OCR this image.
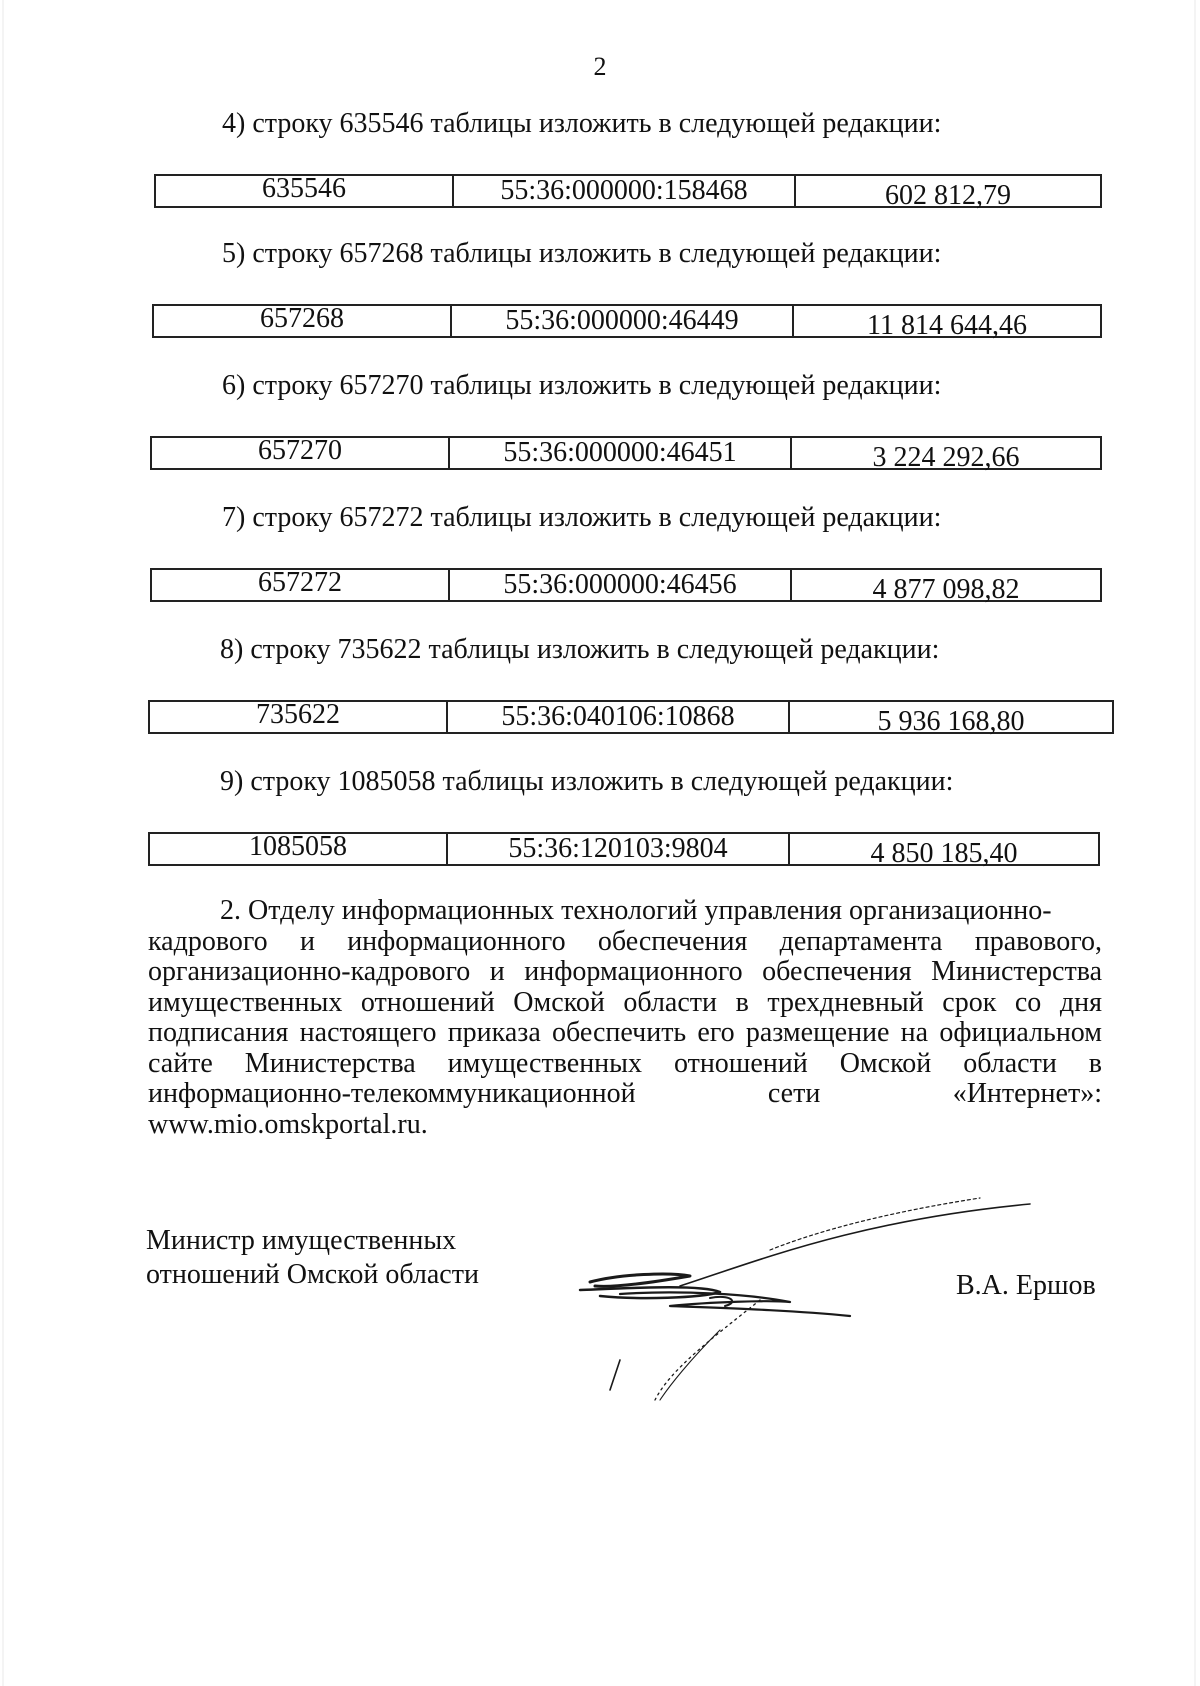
2
4) строку 635546 таблицы изложить в следующей редакции:
635546	55:36:000000:158468	602 812,79
5) строку 657268 таблицы изложить в следующей редакции:
657268	55:36:000000:46449	11 814 644,46
6) строку 657270 таблицы изложить в следующей редакции:
657270	55:36:000000:46451	3 224 292,66
7) строку 657272 таблицы изложить в следующей редакции:
657272	55:36:000000:46456	4 877 098,82
8) строку 735622 таблицы изложить в следующей редакции:
735622	55:36:040106:10868	5 936 168,80
9) строку 1085058 таблицы изложить в следующей редакции:
1085058	55:36:120103:9804	4 850 185,40
2. Отделу информационных технологий управления организационно-
кадрового и информационного обеспечения департамента правового, организационно-кадрового и информационного обеспечения Министерства имущественных отношений Омской области в трехдневный срок со дня подписания настоящего приказа обеспечить его размещение на официальном сайте Министерства имущественных отношений Омской области в информационно-телекоммуникационной сети «Интернет»: www.mio.omskportal.ru.
Министр имущественных
отношений Омской области	В.А. Ершов
